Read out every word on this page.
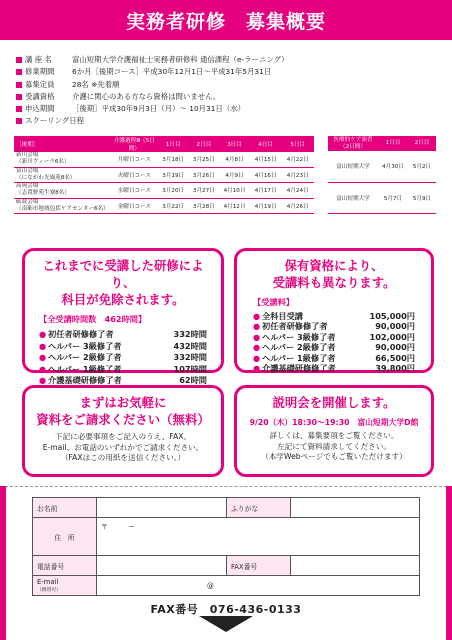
実務者研修　募集概要
講 座 名	富山短期大学介護福祉士実務者研修科 通信課程（e-ラーニング）
修業期間	6か月［後期コース］平成30年12月1日〜平成31年5月31日
募集定員	28名 ※先着順
受講資格	介護に関心のある方なら資格は問いません。
申込期間	［後期］平成30年9月3日（月）〜 10月31日（水）
スクーリング日程
［後期］	介護過程Ⅲ（5日間）	1日目	2日目	3日目	4日目	5日目

新川会場
（新川ヴィーラ6名）	月曜日コース	3月18日	3月25日	4月8日	4月15日	4月22日

富山会場
（にながわ光風苑8名）	火曜日コース	3月19日	3月26日	4月9日	4月16日	4月23日

高岡会場
（志貴野苑生寮8名）	水曜日コース	3月20日	3月27日	4月10日	4月17日	4月24日

砺波会場
（南砺市地域包括ケアセンター6名）	金曜日コース	3月22日	3月28日	4月12日	4月19日	4月26日
医療的ケア演習（2日間）	1日目	2日目
富山短期大学	4月30日	5月2日
富山短期大学	5月7日	5月9日
これまでに受講した研修により、
科目が免除されます。
【全受講時間数　462時間】
● 初任者研修修了者	332時間
● ヘルパー 3級修了者	432時間
● ヘルパー 2級修了者	332時間
● ヘルパー 1級修了者	107時間
● 介護基礎研修修了者	62時間
保有資格により、
受講料も異なります。
【受講料】
● 全科目受講	105,000円
● 初任者研修修了者	90,000円
● ヘルパー 3級修了者	102,000円
● ヘルパー 2級修了者	90,000円
● ヘルパー 1級修了者	66,500円
● 介護基礎研修修了者	39,800円
まずはお気軽に
資料をご請求ください（無料）
下記に必要事項をご記入のうえ、FAX、
E-mail、お電話のいずれかでご請求ください。
（FAXはこの用紙を送信ください。）
説明会を開催します。
9/20（木）18:30〜19:30　富山短期大学D館
詳しくは、募集要項をご覧ください。
左記にて資料請求してください。
（本学Webページでもご覧いただけます）
お名前		ふりがな	
住　所	〒　　　ー		
電話番号		FAX番号	

E-mail
（携帯可）	@		
FAX番号　076-436-0133
